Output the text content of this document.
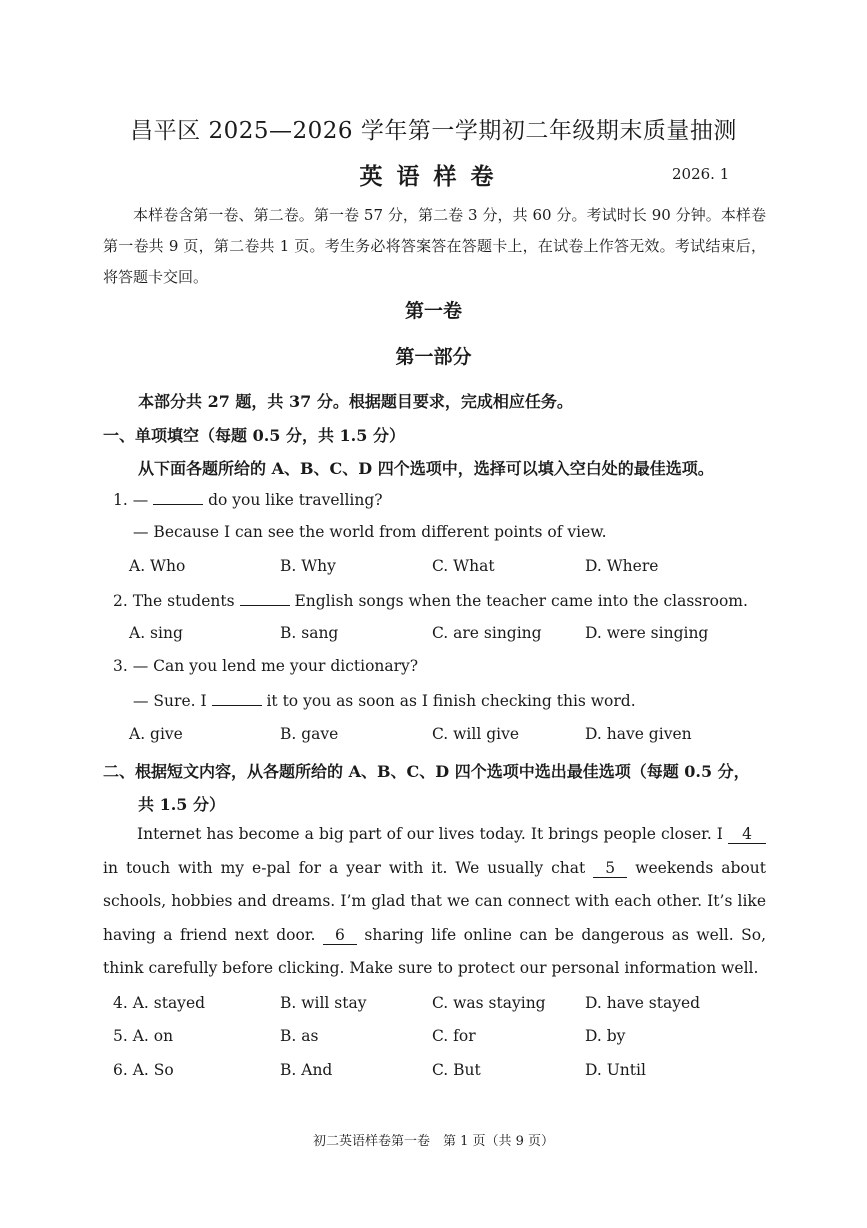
昌平区 2025—2026 学年第一学期初二年级期末质量抽测
英语样卷	2026. 1
本样卷含第一卷、第二卷。第一卷 57 分，第二卷 3 分，共 60 分。考试时长 90 分钟。本样卷第一卷共 9 页，第二卷共 1 页。考生务必将答案答在答题卡上，在试卷上作答无效。考试结束后，将答题卡交回。
第一卷
第一部分
本部分共 27 题，共 37 分。根据题目要求，完成相应任务。
一、单项填空（每题 0.5 分，共 1.5 分）
从下面各题所给的 A、B、C、D 四个选项中，选择可以填入空白处的最佳选项。
1. —	do you like travelling?
— Because I can see the world from different points of view.
A. Who	B. Why	C. What	D. Where
2. The students	English songs when the teacher came into the classroom.
A. sing	B. sang	C. are singing	D. were singing
3. — Can you lend me your dictionary?
— Sure. I	it to you as soon as I finish checking this word.
A. give	B. gave	C. will give	D. have given
二、根据短文内容，从各题所给的 A、B、C、D 四个选项中选出最佳选项（每题 0.5 分，
共 1.5 分）
Internet has become a big part of our lives today. It brings people closer. I 4 in touch with my e-pal for a year with it. We usually chat 5 weekends about schools, hobbies and dreams. I’m glad that we can connect with each other. It’s like having a friend next door. 6 sharing life online can be dangerous as well. So, think carefully before clicking. Make sure to protect our personal information well.
4. A. stayed	B. will stay	C. was staying	D. have stayed
5. A. on	B. as	C. for	D. by
6. A. So	B. And	C. But	D. Until
初二英语样卷第一卷　第 1 页（共 9 页）
